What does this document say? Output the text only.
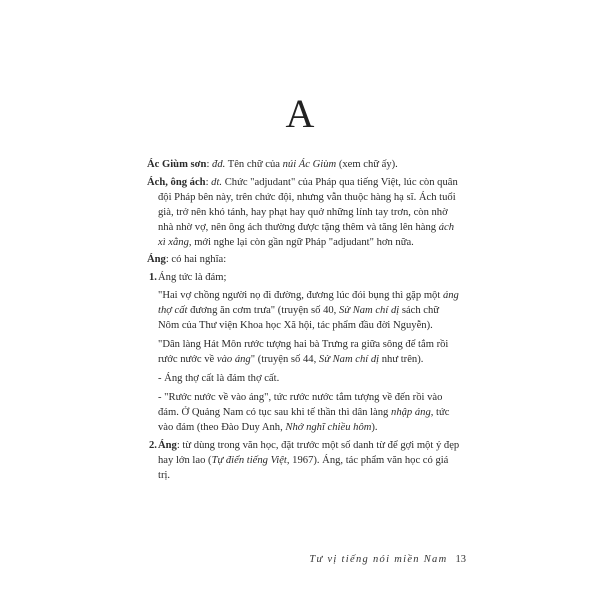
A

Ác Giùm sơn: đd. Tên chữ của núi Ác Giùm (xem chữ ấy).

Ách, ông ách: dt. Chức "adjudant" của Pháp qua tiếng Việt, lúc còn quân đội Pháp bên này, trên chức đội, nhưng vẫn thuộc hàng hạ sĩ. Ách tuổi già, trở nên khó tánh, hay phạt hay quở những lính tay trơn, còn nhờ nhà nhờ vợ, nên ông ách thường được tặng thêm và tăng lên hàng ách xì xằng, mới nghe lại còn gần ngữ Pháp "adjudant" hơn nữa.

Áng: có hai nghĩa:

1. Áng tức là đám;

"Hai vợ chồng người nọ đi đường, đương lúc đói bụng thì gặp một áng thợ cất đương ăn cơm trưa" (truyện số 40, Sử Nam chí dị sách chữ Nôm của Thư viện Khoa học Xã hội, tác phẩm đầu đời Nguyễn).

"Dân làng Hát Môn rước tượng hai bà Trưng ra giữa sông để tắm rồi rước nước về vào áng" (truyện số 44, Sử Nam chí dị như trên).

- Áng thợ cất là đám thợ cất.

- "Rước nước về vào áng", tức rước nước tắm tượng về đến rồi vào đám. Ở Quảng Nam có tục sau khi tế thần thì dân làng nhập áng, tức vào đám (theo Đào Duy Anh, Nhớ nghĩ chiều hôm).

2. Áng: từ dùng trong văn học, đặt trước một số danh từ để gợi một ý đẹp hay lớn lao (Tự điển tiếng Việt, 1967). Áng, tác phẩm văn học có giá trị.
Tư vị tiếng nói miền Nam 13
